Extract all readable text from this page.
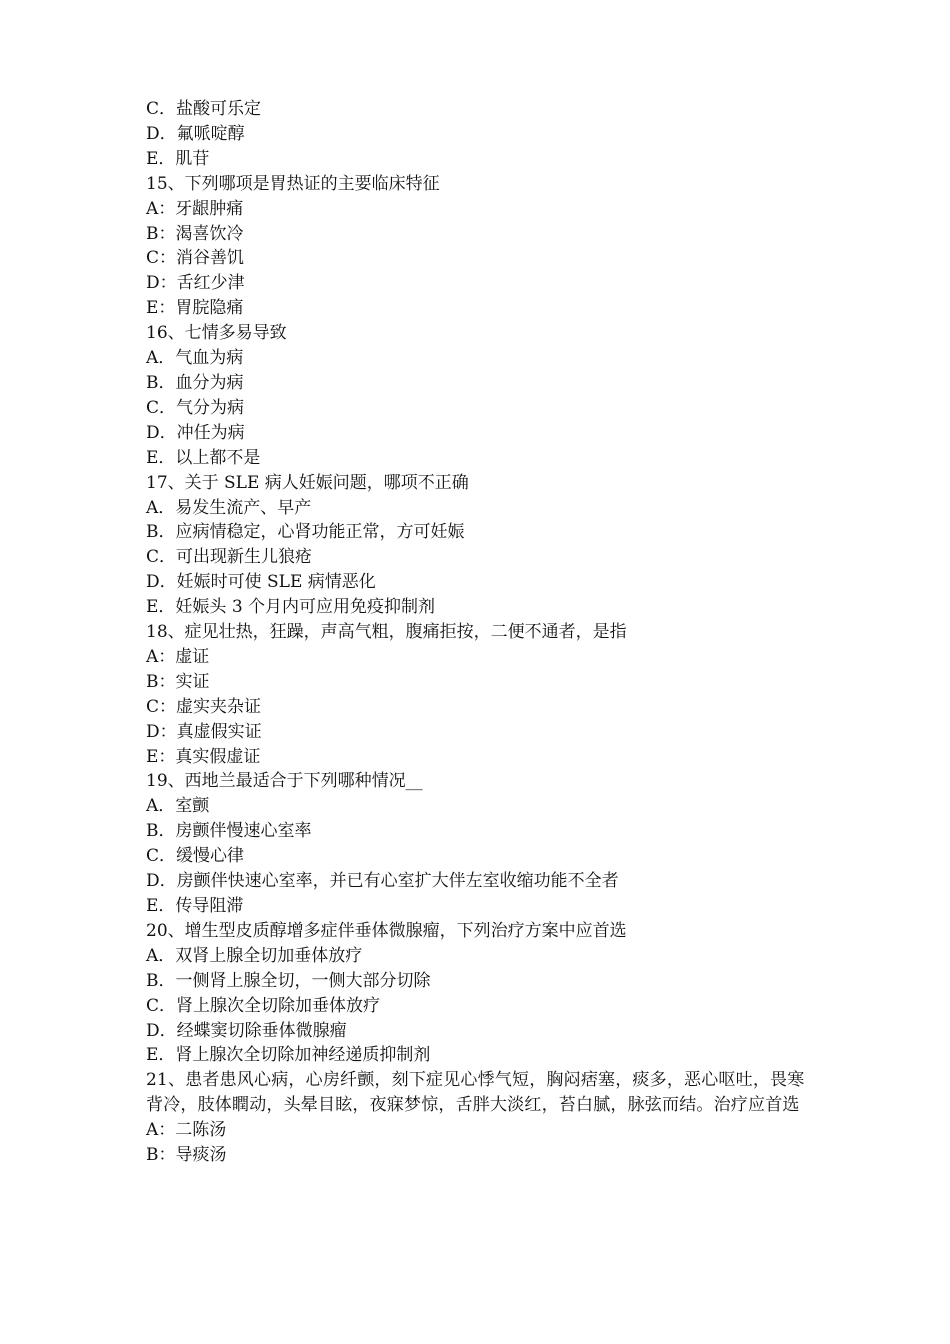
C．盐酸可乐定
D．氟哌啶醇
E．肌苷
15、下列哪项是胃热证的主要临床特征
A：牙龈肿痛
B：渴喜饮冷
C：消谷善饥
D：舌红少津
E：胃脘隐痛
16、七情多易导致
A．气血为病
B．血分为病
C．气分为病
D．冲任为病
E．以上都不是
17、关于 SLE 病人妊娠问题，哪项不正确
A．易发生流产、早产
B．应病情稳定，心肾功能正常，方可妊娠
C．可出现新生儿狼疮
D．妊娠时可使 SLE 病情恶化
E．妊娠头 3 个月内可应用免疫抑制剂
18、症见壮热，狂躁，声高气粗，腹痛拒按，二便不通者，是指
A：虚证
B：实证
C：虚实夹杂证
D：真虚假实证
E：真实假虚证
19、西地兰最适合于下列哪种情况__
A．室颤
B．房颤伴慢速心室率
C．缓慢心律
D．房颤伴快速心室率，并已有心室扩大伴左室收缩功能不全者
E．传导阻滞
20、增生型皮质醇增多症伴垂体微腺瘤，下列治疗方案中应首选
A．双肾上腺全切加垂体放疗
B．一侧肾上腺全切，一侧大部分切除
C．肾上腺次全切除加垂体放疗
D．经蝶窦切除垂体微腺瘤
E．肾上腺次全切除加神经递质抑制剂
21、患者患风心病，心房纤颤，刻下症见心悸气短，胸闷痞塞，痰多，恶心呕吐，畏寒背冷，肢体瞤动，头晕目眩，夜寐梦惊，舌胖大淡红，苔白腻，脉弦而结。治疗应首选
A：二陈汤
B：导痰汤
